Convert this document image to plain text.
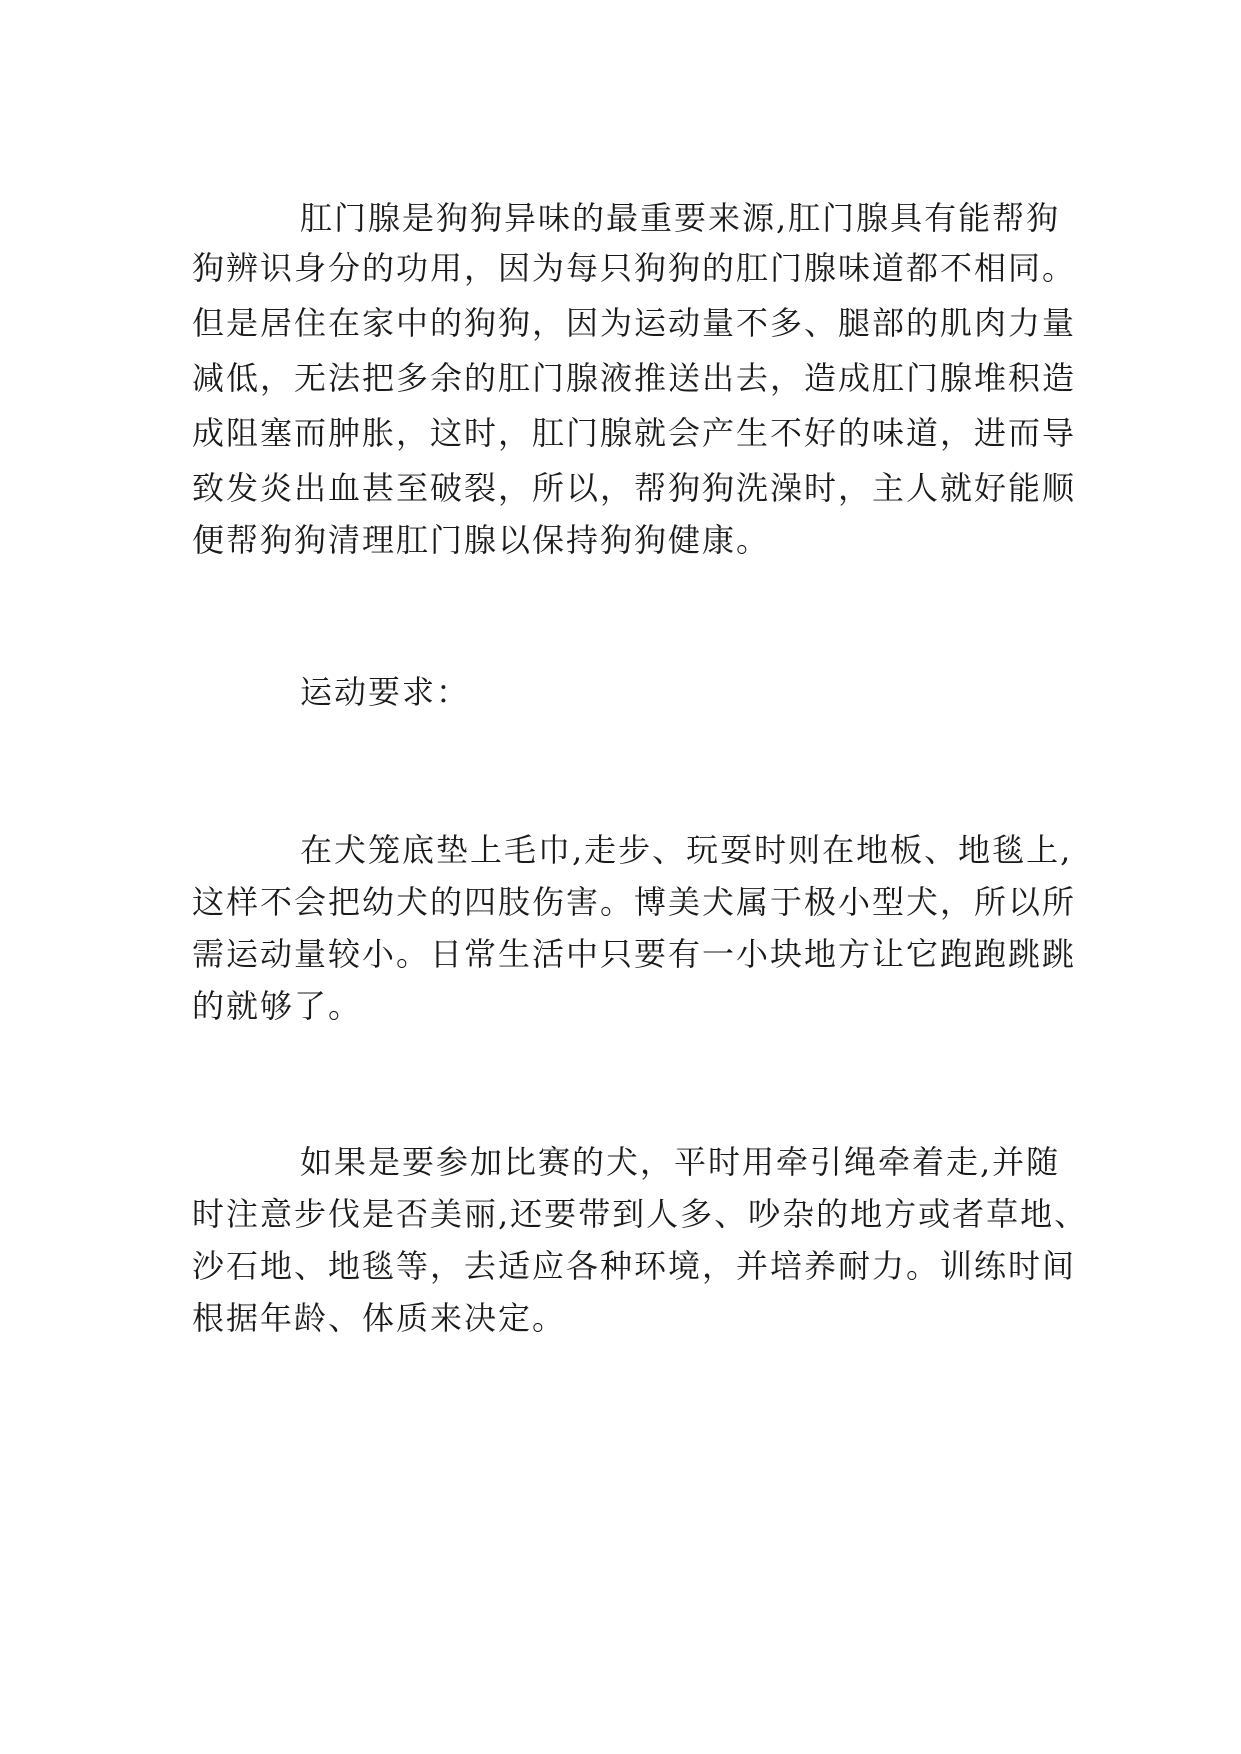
肛门腺是狗狗异味的最重要来源,肛门腺具有能帮狗
狗辨识身分的功用，因为每只狗狗的肛门腺味道都不相同。
但是居住在家中的狗狗，因为运动量不多、腿部的肌肉力量
减低，无法把多余的肛门腺液推送出去，造成肛门腺堆积造
成阻塞而肿胀，这时，肛门腺就会产生不好的味道，进而导
致发炎出血甚至破裂，所以，帮狗狗洗澡时，主人就好能顺
便帮狗狗清理肛门腺以保持狗狗健康。
运动要求：
在犬笼底垫上毛巾,走步、玩耍时则在地板、地毯上,
这样不会把幼犬的四肢伤害。博美犬属于极小型犬，所以所
需运动量较小。日常生活中只要有一小块地方让它跑跑跳跳
的就够了。
如果是要参加比赛的犬，平时用牵引绳牵着走,并随
时注意步伐是否美丽,还要带到人多、吵杂的地方或者草地、
沙石地、地毯等，去适应各种环境，并培养耐力。训练时间
根据年龄、体质来决定。
